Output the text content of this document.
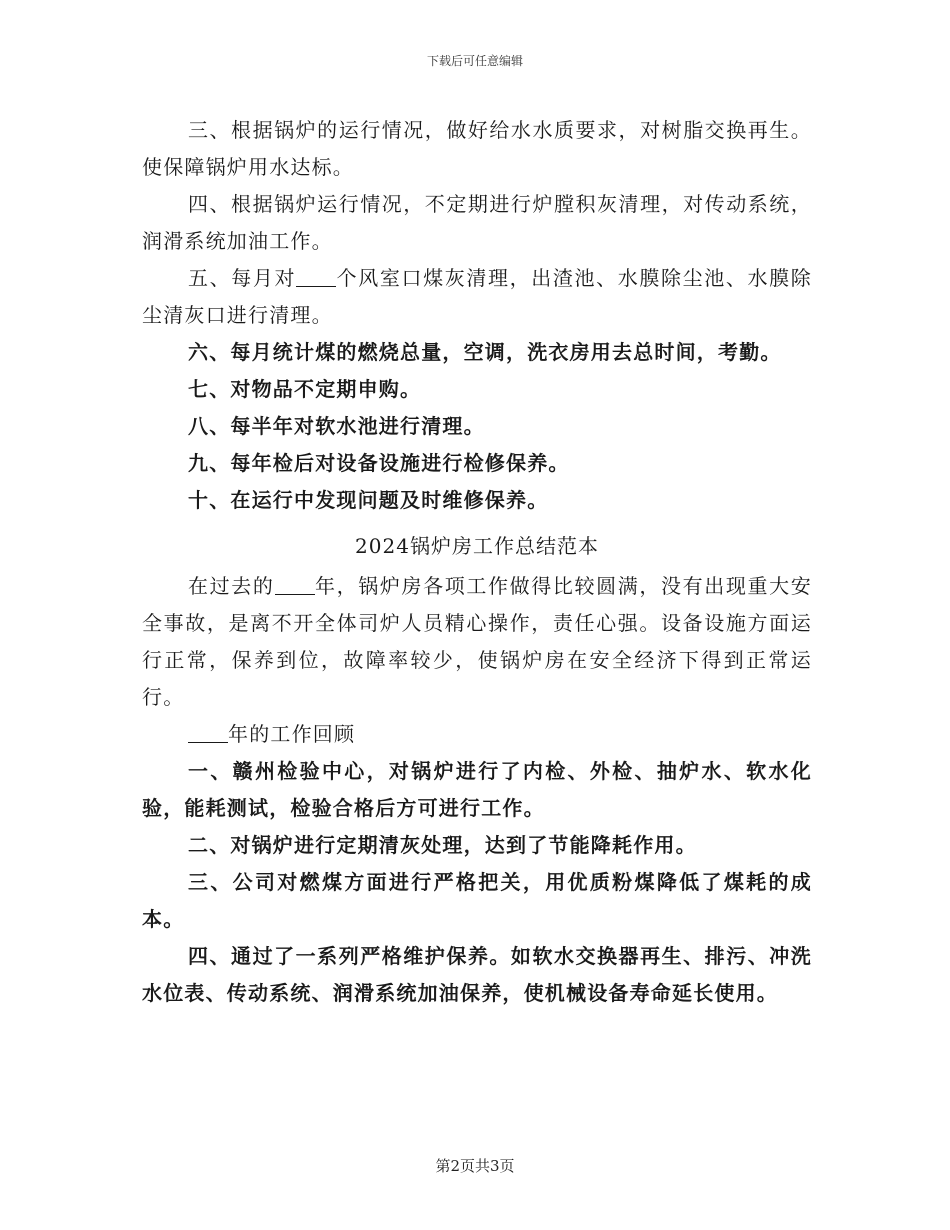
下载后可任意编辑

三、根据锅炉的运行情况，做好给水水质要求，对树脂交换再生。使保障锅炉用水达标。

四、根据锅炉运行情况，不定期进行炉膛积灰清理，对传动系统，润滑系统加油工作。

五、每月对 个风室口煤灰清理，出渣池、水膜除尘池、水膜除尘清灰口进行清理。

六、每月统计煤的燃烧总量，空调，洗衣房用去总时间，考勤。

七、对物品不定期申购。

八、每半年对软水池进行清理。

九、每年检后对设备设施进行检修保养。

十、在运行中发现问题及时维修保养。

2024锅炉房工作总结范本

在过去的 年，锅炉房各项工作做得比较圆满，没有出现重大安全事故，是离不开全体司炉人员精心操作，责任心强。设备设施方面运行正常，保养到位，故障率较少，使锅炉房在安全经济下得到正常运行。

年的工作回顾

一、赣州检验中心，对锅炉进行了内检、外检、抽炉水、软水化验，能耗测试，检验合格后方可进行工作。

二、对锅炉进行定期清灰处理，达到了节能降耗作用。

三、公司对燃煤方面进行严格把关，用优质粉煤降低了煤耗的成本。

四、通过了一系列严格维护保养。如软水交换器再生、排污、冲洗水位表、传动系统、润滑系统加油保养，使机械设备寿命延长使用。

第2页共3页
